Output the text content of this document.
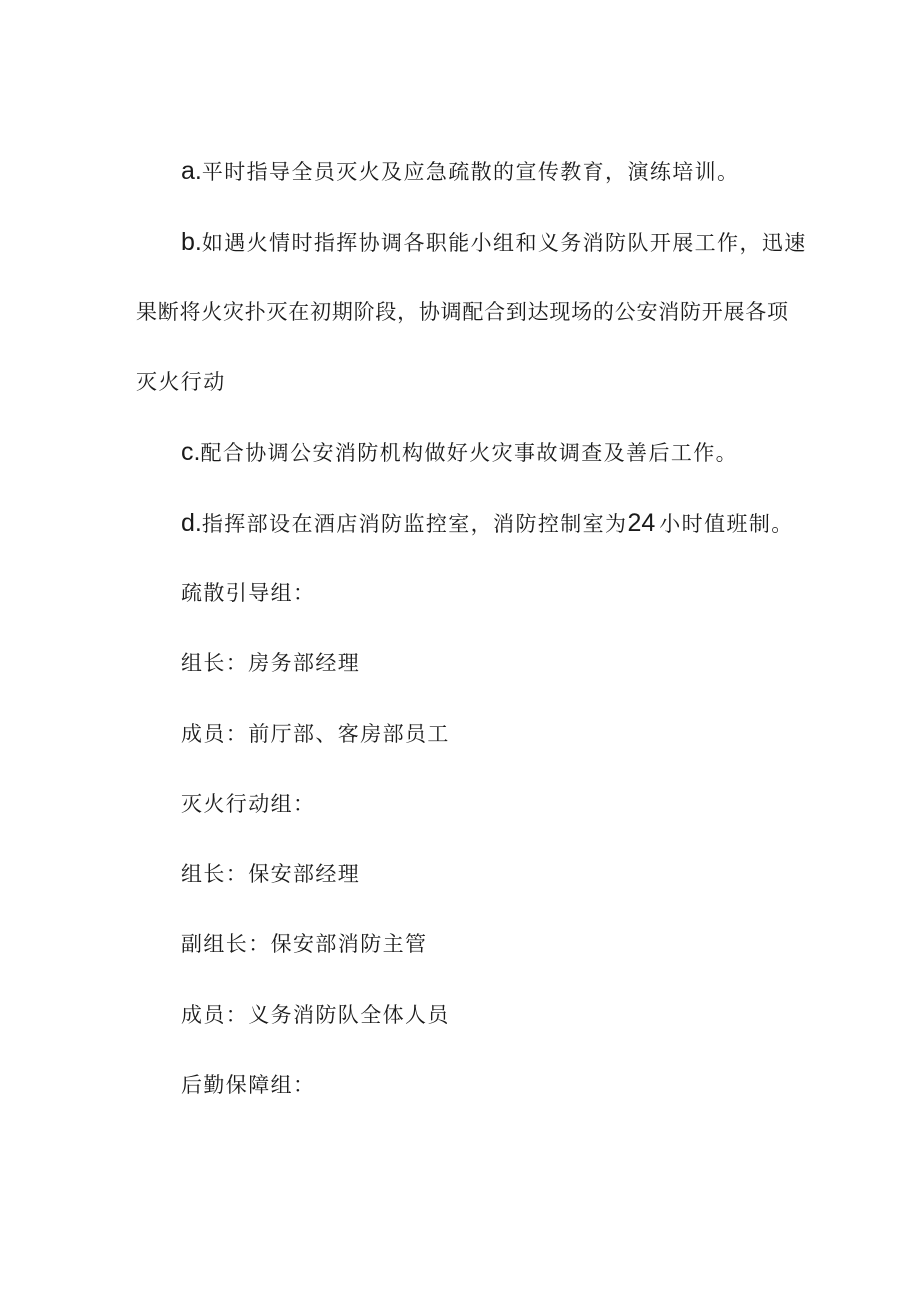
a.平时指导全员灭火及应急疏散的宣传教育，演练培训。
b.如遇火情时指挥协调各职能小组和义务消防队开展工作，迅速
果断将火灾扑灭在初期阶段，协调配合到达现场的公安消防开展各项
灭火行动
c.配合协调公安消防机构做好火灾事故调查及善后工作。
d.指挥部设在酒店消防监控室，消防控制室为24 小时值班制。
疏散引导组：
组长：房务部经理
成员：前厅部、客房部员工
灭火行动组：
组长：保安部经理
副组长：保安部消防主管
成员：义务消防队全体人员
后勤保障组：
